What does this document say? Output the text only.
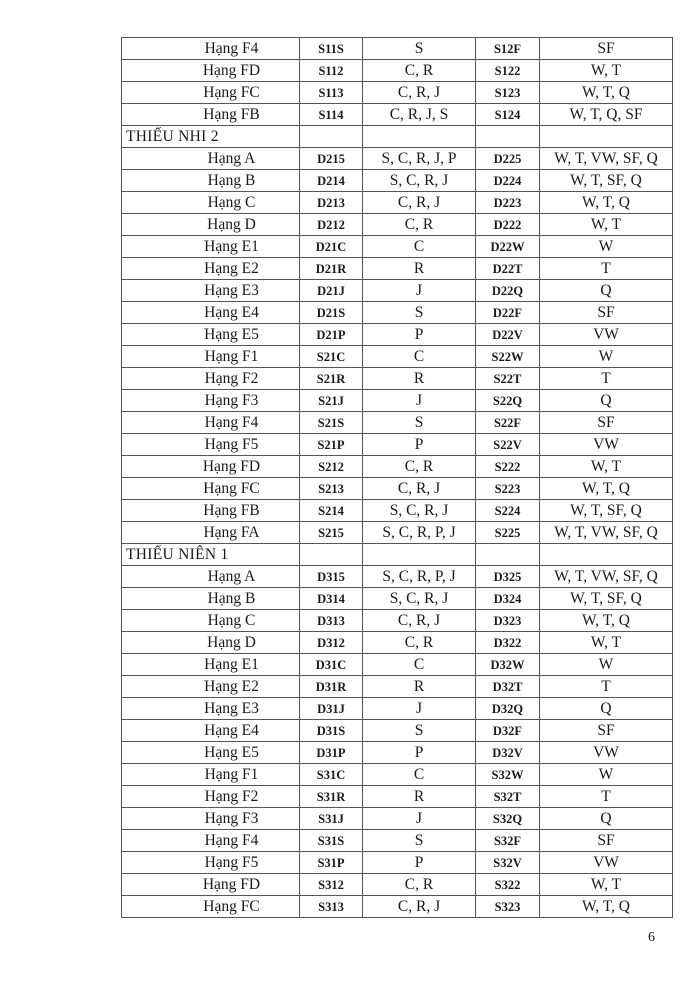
Hạng F4	S11S	S	S12F	SF
Hạng FD	S112	C, R	S122	W, T
Hạng FC	S113	C, R, J	S123	W, T, Q
Hạng FB	S114	C, R, J, S	S124	W, T, Q, SF
THIẾU NHI 2				
Hạng A	D215	S, C, R, J, P	D225	W, T, VW, SF, Q
Hạng B	D214	S, C, R, J	D224	W, T, SF, Q
Hạng C	D213	C, R, J	D223	W, T, Q
Hạng D	D212	C, R	D222	W, T
Hạng E1	D21C	C	D22W	W
Hạng E2	D21R	R	D22T	T
Hạng E3	D21J	J	D22Q	Q
Hạng E4	D21S	S	D22F	SF
Hạng E5	D21P	P	D22V	VW
Hạng F1	S21C	C	S22W	W
Hạng F2	S21R	R	S22T	T
Hạng F3	S21J	J	S22Q	Q
Hạng F4	S21S	S	S22F	SF
Hạng F5	S21P	P	S22V	VW
Hạng FD	S212	C, R	S222	W, T
Hạng FC	S213	C, R, J	S223	W, T, Q
Hạng FB	S214	S, C, R, J	S224	W, T, SF, Q
Hạng FA	S215	S, C, R, P, J	S225	W, T, VW, SF, Q
THIẾU NIÊN 1				
Hạng A	D315	S, C, R, P, J	D325	W, T, VW, SF, Q
Hạng B	D314	S, C, R, J	D324	W, T, SF, Q
Hạng C	D313	C, R, J	D323	W, T, Q
Hạng D	D312	C, R	D322	W, T
Hạng E1	D31C	C	D32W	W
Hạng E2	D31R	R	D32T	T
Hạng E3	D31J	J	D32Q	Q
Hạng E4	D31S	S	D32F	SF
Hạng E5	D31P	P	D32V	VW
Hạng F1	S31C	C	S32W	W
Hạng F2	S31R	R	S32T	T
Hạng F3	S31J	J	S32Q	Q
Hạng F4	S31S	S	S32F	SF
Hạng F5	S31P	P	S32V	VW
Hạng FD	S312	C, R	S322	W, T
Hạng FC	S313	C, R, J	S323	W, T, Q
6
